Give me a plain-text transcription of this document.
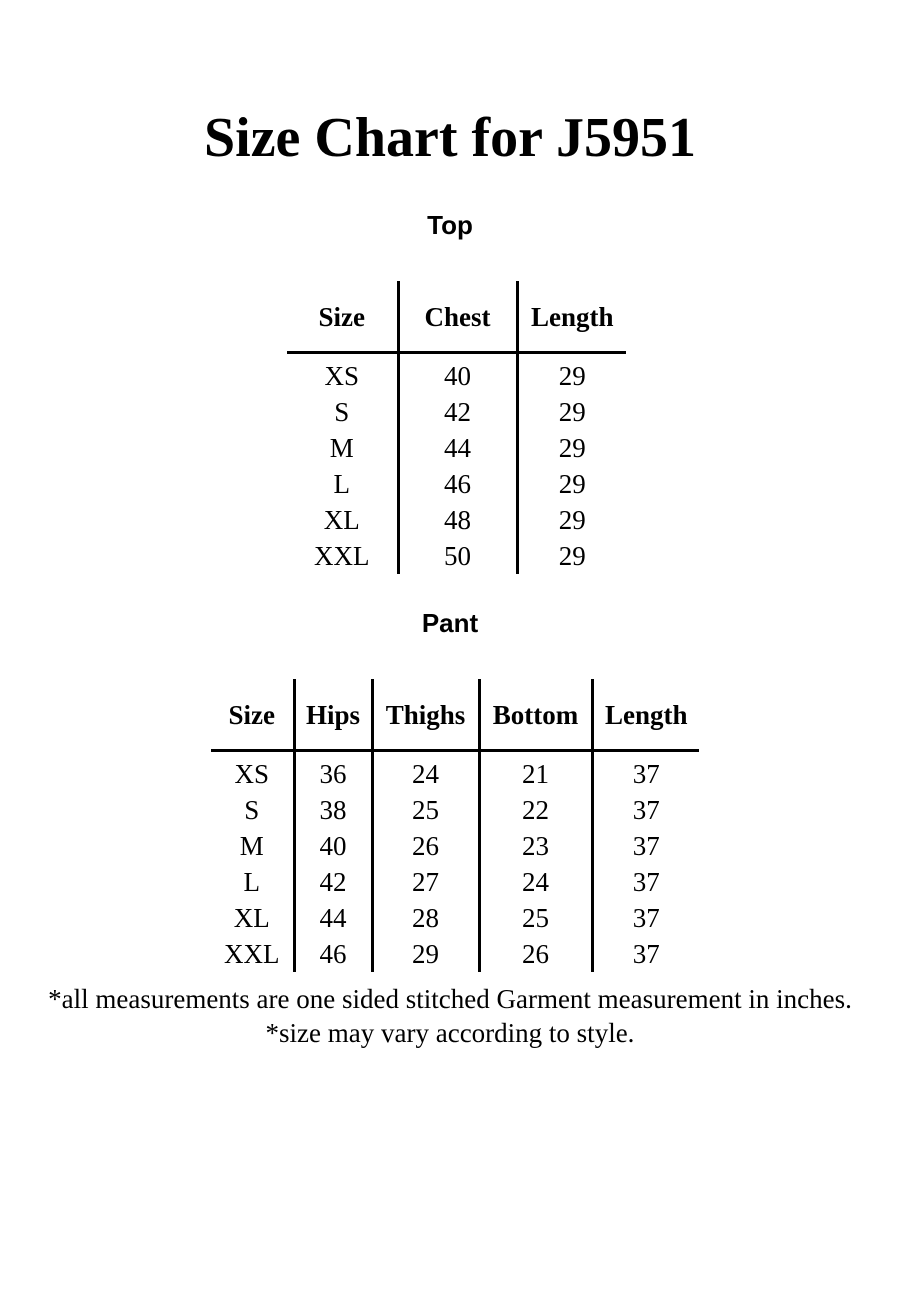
Size Chart for J5951
Top
Size	Chest	Length
XS	40	29
S	42	29
M	44	29
L	46	29
XL	48	29
XXL	50	29
Pant
Size	Hips	Thighs	Bottom	Length
XS	36	24	21	37
S	38	25	22	37
M	40	26	23	37
L	42	27	24	37
XL	44	28	25	37
XXL	46	29	26	37
*all measurements are one sided stitched Garment measurement in inches.
*size may vary according to style.
